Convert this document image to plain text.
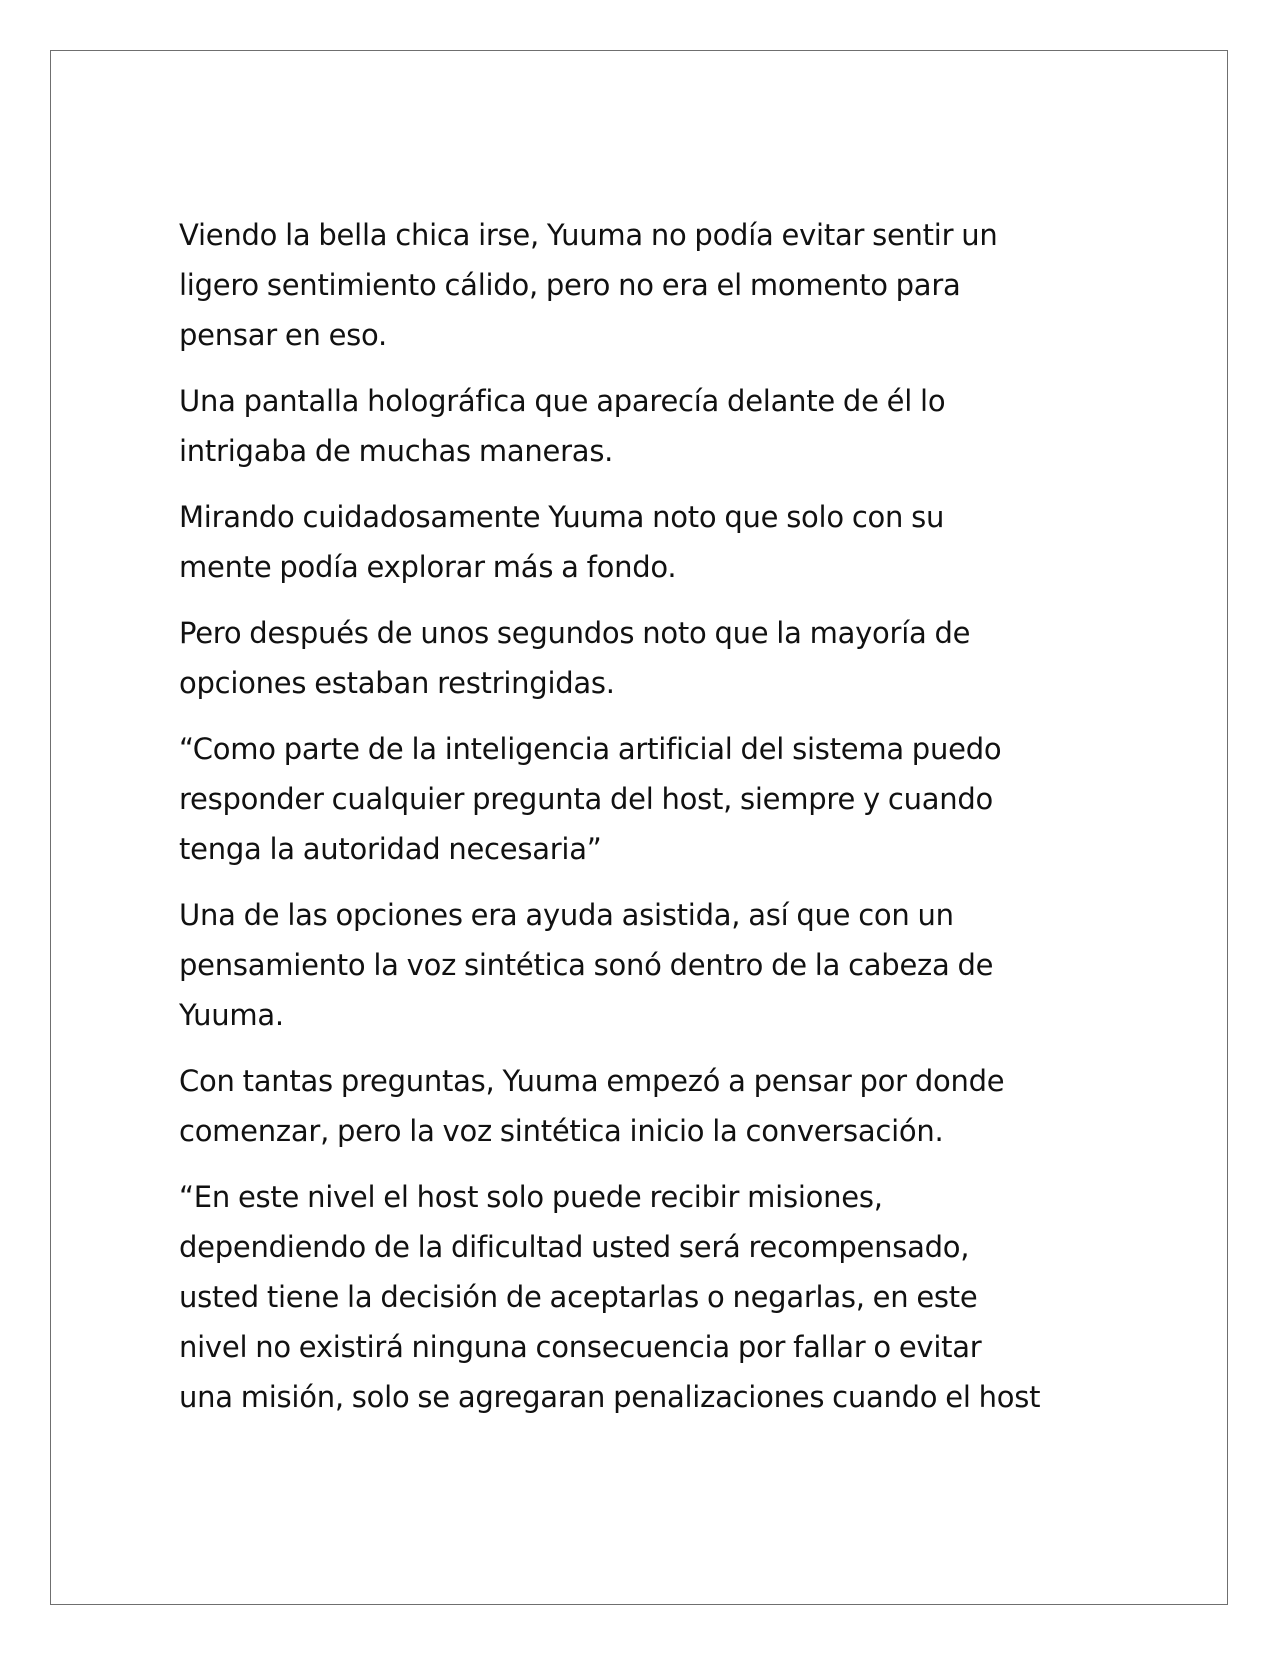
Viendo la bella chica irse, Yuuma no podía evitar sentir un
ligero sentimiento cálido, pero no era el momento para
pensar en eso.

Una pantalla holográfica que aparecía delante de él lo
intrigaba de muchas maneras.

Mirando cuidadosamente Yuuma noto que solo con su
mente podía explorar más a fondo.

Pero después de unos segundos noto que la mayoría de
opciones estaban restringidas.

“Como parte de la inteligencia artificial del sistema puedo
responder cualquier pregunta del host, siempre y cuando
tenga la autoridad necesaria”

Una de las opciones era ayuda asistida, así que con un
pensamiento la voz sintética sonó dentro de la cabeza de
Yuuma.

Con tantas preguntas, Yuuma empezó a pensar por donde
comenzar, pero la voz sintética inicio la conversación.

“En este nivel el host solo puede recibir misiones,
dependiendo de la dificultad usted será recompensado,
usted tiene la decisión de aceptarlas o negarlas, en este
nivel no existirá ninguna consecuencia por fallar o evitar
una misión, solo se agregaran penalizaciones cuando el host
